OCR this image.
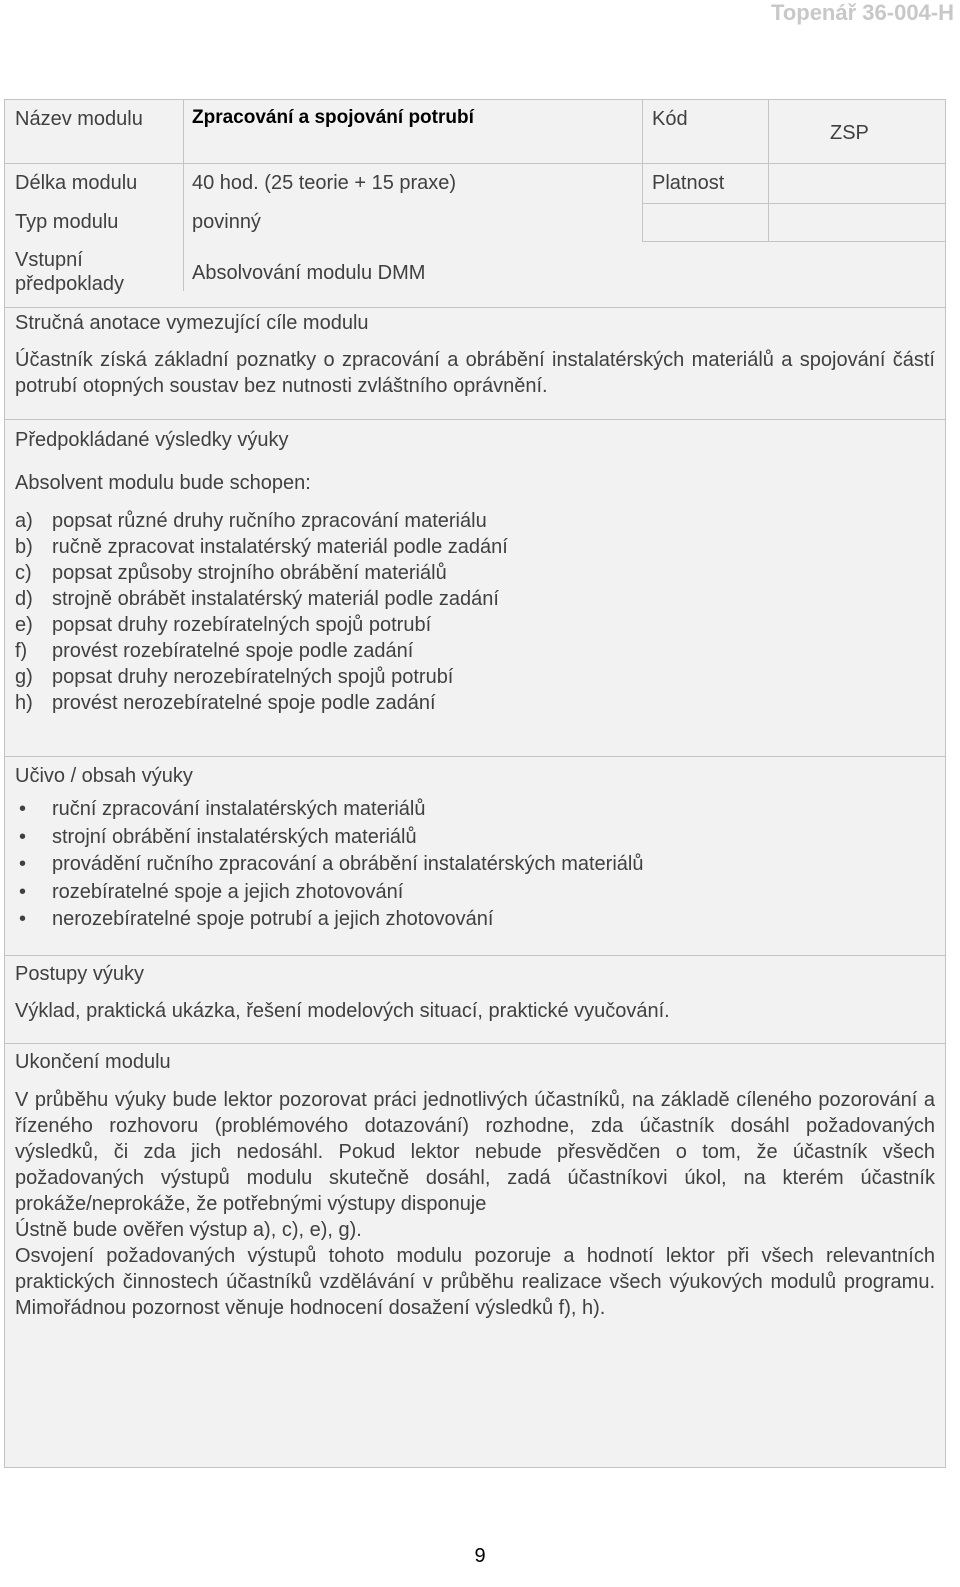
Topenář 36-004-H
Název modulu	Zpracování a spojování potrubí	Kód
ZSP
Délka modulu	40 hod. (25 teorie + 15 praxe)	Platnost
Typ modulu	povinný
Vstupní
předpoklady	Absolvování modulu DMM
Stručná anotace vymezující cíle modulu
Účastník získá základní poznatky o zpracování a obrábění instalatérských materiálů a spojování částí potrubí otopných soustav bez nutnosti zvláštního oprávnění.
Předpokládané výsledky výuky
Absolvent modulu bude schopen:
a) popsat různé druhy ručního zpracování materiálu
b) ručně zpracovat instalatérský materiál podle zadání
c)	popsat způsoby strojního obrábění materiálů
d) strojně obrábět instalatérský materiál podle zadání
e) popsat druhy rozebíratelných spojů potrubí
f)	provést rozebíratelné spoje podle zadání
g) popsat druhy nerozebíratelných spojů potrubí
h) provést nerozebíratelné spoje podle zadání
Učivo / obsah výuky
•	ruční zpracování instalatérských materiálů
•	strojní obrábění instalatérských materiálů
•	provádění ručního zpracování a obrábění instalatérských materiálů
•	rozebíratelné spoje a jejich zhotovování
•	nerozebíratelné spoje potrubí a jejich zhotovování
Postupy výuky
Výklad, praktická ukázka, řešení modelových situací, praktické vyučování.
Ukončení modulu
V průběhu výuky bude lektor pozorovat práci jednotlivých účastníků, na základě cíleného pozorování a řízeného rozhovoru (problémového dotazování) rozhodne, zda účastník dosáhl požadovaných výsledků, či zda jich nedosáhl. Pokud lektor nebude přesvědčen o tom, že účastník všech požadovaných výstupů modulu skutečně dosáhl, zadá účastníkovi úkol, na kterém účastník prokáže/neprokáže, že potřebnými výstupy disponuje
Ústně bude ověřen výstup a), c), e), g).
Osvojení požadovaných výstupů tohoto modulu pozoruje a hodnotí lektor při všech relevantních praktických činnostech účastníků vzdělávání v průběhu realizace všech výukových modulů programu. Mimořádnou pozornost věnuje hodnocení dosažení výsledků f), h).
9
